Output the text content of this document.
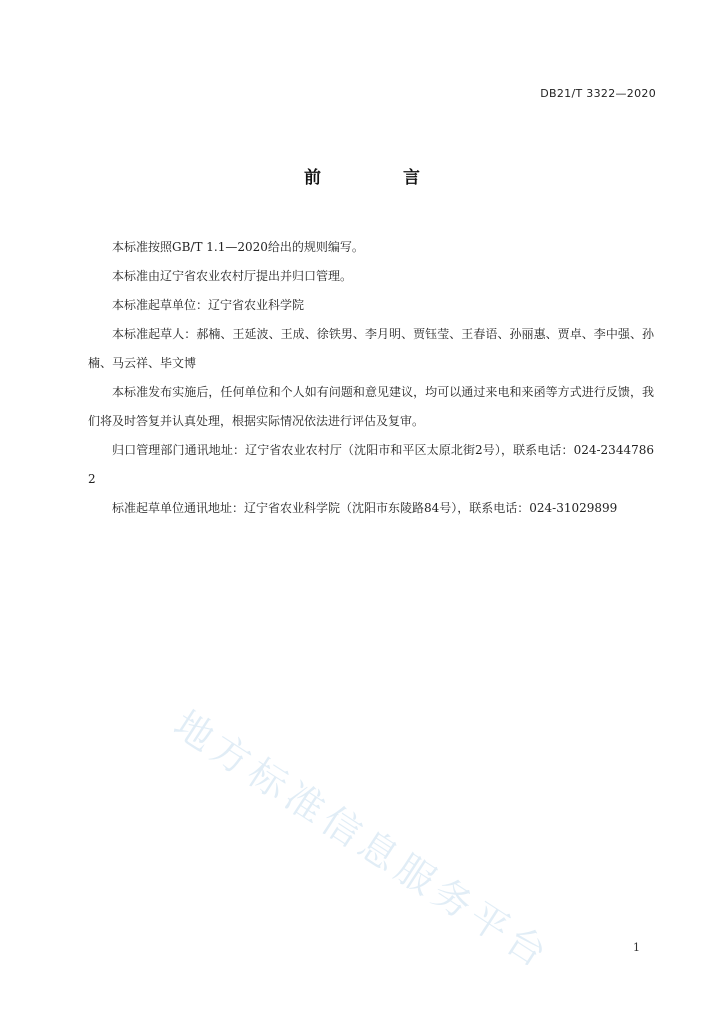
DB21/T 3322—2020
前 言

本标准按照GB/T 1.1—2020给出的规则编写。

本标准由辽宁省农业农村厅提出并归口管理。

本标准起草单位：辽宁省农业科学院

本标准起草人：郝楠、王延波、王成、徐铁男、李月明、贾钰莹、王春语、孙丽惠、贾卓、李中强、孙楠、马云祥、毕文博

本标准发布实施后，任何单位和个人如有问题和意见建议，均可以通过来电和来函等方式进行反馈，我们将及时答复并认真处理，根据实际情况依法进行评估及复审。

归口管理部门通讯地址：辽宁省农业农村厅（沈阳市和平区太原北街2号），联系电话：024-23447862

标准起草单位通讯地址：辽宁省农业科学院（沈阳市东陵路84号），联系电话：024-31029899

地方标准信息服务平台	1
